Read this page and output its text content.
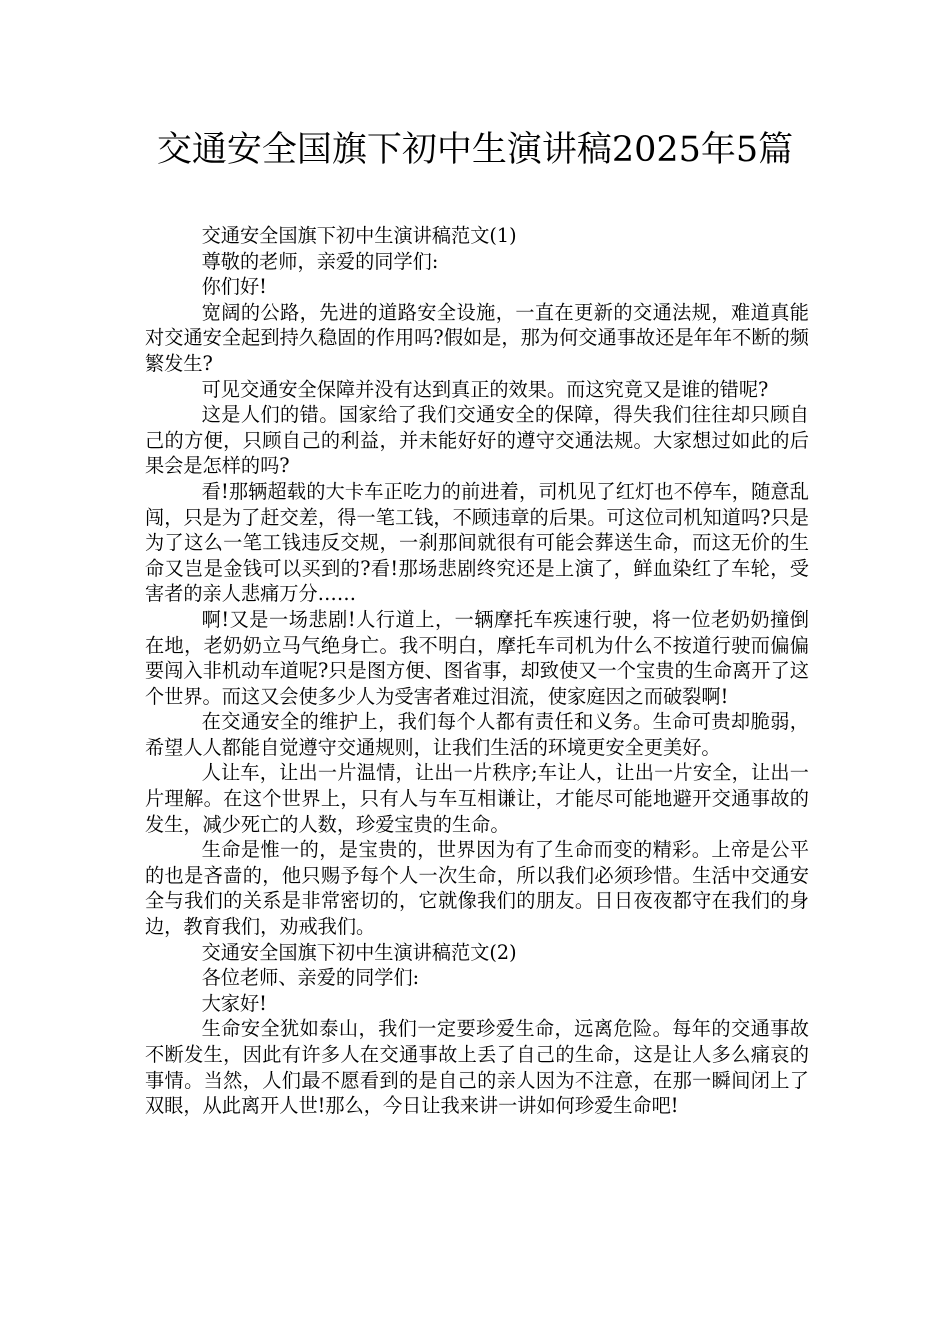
交通安全国旗下初中生演讲稿2025年5篇

交通安全国旗下初中生演讲稿范文(1)

尊敬的老师，亲爱的同学们:

你们好!

宽阔的公路，先进的道路安全设施，一直在更新的交通法规，难道真能对交通安全起到持久稳固的作用吗?假如是，那为何交通事故还是年年不断的频繁发生?

可见交通安全保障并没有达到真正的效果。而这究竟又是谁的错呢?

这是人们的错。国家给了我们交通安全的保障，得失我们往往却只顾自己的方便，只顾自己的利益，并未能好好的遵守交通法规。大家想过如此的后果会是怎样的吗?

看!那辆超载的大卡车正吃力的前进着，司机见了红灯也不停车，随意乱闯，只是为了赶交差，得一笔工钱，不顾违章的后果。可这位司机知道吗?只是为了这么一笔工钱违反交规，一刹那间就很有可能会葬送生命，而这无价的生命又岂是金钱可以买到的?看!那场悲剧终究还是上演了，鲜血染红了车轮，受害者的亲人悲痛万分……

啊!又是一场悲剧!人行道上，一辆摩托车疾速行驶，将一位老奶奶撞倒在地，老奶奶立马气绝身亡。我不明白，摩托车司机为什么不按道行驶而偏偏要闯入非机动车道呢?只是图方便、图省事，却致使又一个宝贵的生命离开了这个世界。而这又会使多少人为受害者难过泪流，使家庭因之而破裂啊!

在交通安全的维护上，我们每个人都有责任和义务。生命可贵却脆弱，希望人人都能自觉遵守交通规则，让我们生活的环境更安全更美好。

人让车，让出一片温情，让出一片秩序;车让人，让出一片安全，让出一片理解。在这个世界上，只有人与车互相谦让，才能尽可能地避开交通事故的发生，减少死亡的人数，珍爱宝贵的生命。

生命是惟一的，是宝贵的，世界因为有了生命而变的精彩。上帝是公平的也是吝啬的，他只赐予每个人一次生命，所以我们必须珍惜。生活中交通安全与我们的关系是非常密切的，它就像我们的朋友。日日夜夜都守在我们的身边，教育我们，劝戒我们。

交通安全国旗下初中生演讲稿范文(2)

各位老师、亲爱的同学们:

大家好!

生命安全犹如泰山，我们一定要珍爱生命，远离危险。每年的交通事故不断发生，因此有许多人在交通事故上丢了自己的生命，这是让人多么痛哀的事情。当然，人们最不愿看到的是自己的亲人因为不注意，在那一瞬间闭上了双眼，从此离开人世!那么，今日让我来讲一讲如何珍爱生命吧!
